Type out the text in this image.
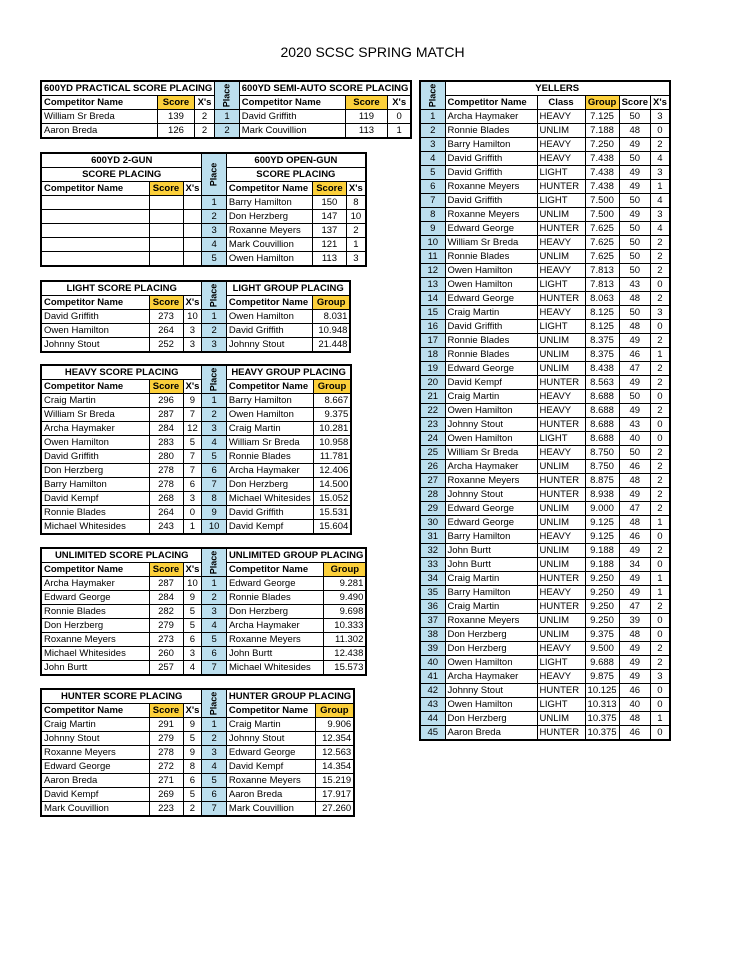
2020 SCSC SPRING MATCH
600YD PRACTICAL SCORE PLACING			Place	600YD SEMI-AUTO SCORE PLACING		
Competitor Name	Score	X's		Competitor Name	Score	X's
William Sr Breda	139	2	1	David Griffith	119	0
Aaron Breda	126	2	2	Mark Couvillion	113	1
600YD 2-GUN			Place	600YD OPEN-GUN		
SCORE PLACING				SCORE PLACING		
Competitor Name	Score	X's		Competitor Name	Score	X's
			1	Barry Hamilton	150	8
			2	Don Herzberg	147	10
			3	Roxanne Meyers	137	2
			4	Mark Couvillion	121	1
			5	Owen Hamilton	113	3
LIGHT SCORE PLACING			Place	LIGHT GROUP PLACING	
Competitor Name	Score	X's		Competitor Name	Group
David Griffith	273	10	1	Owen Hamilton	8.031
Owen Hamilton	264	3	2	David Griffith	10.948
Johnny Stout	252	3	3	Johnny Stout	21.448
HEAVY SCORE PLACING			Place	HEAVY GROUP PLACING	
Competitor Name	Score	X's		Competitor Name	Group
Craig Martin	296	9	1	Barry Hamilton	8.667
William Sr Breda	287	7	2	Owen Hamilton	9.375
Archa Haymaker	284	12	3	Craig Martin	10.281
Owen Hamilton	283	5	4	William Sr Breda	10.958
David Griffith	280	7	5	Ronnie Blades	11.781
Don Herzberg	278	7	6	Archa Haymaker	12.406
Barry Hamilton	278	6	7	Don Herzberg	14.500
David Kempf	268	3	8	Michael Whitesides	15.052
Ronnie Blades	264	0	9	David Griffith	15.531
Michael Whitesides	243	1	10	David Kempf	15.604
UNLIMITED SCORE PLACING			Place	UNLIMITED GROUP PLACING	
Competitor Name	Score	X's		Competitor Name	Group
Archa Haymaker	287	10	1	Edward George	9.281
Edward George	284	9	2	Ronnie Blades	9.490
Ronnie Blades	282	5	3	Don Herzberg	9.698
Don Herzberg	279	5	4	Archa Haymaker	10.333
Roxanne Meyers	273	6	5	Roxanne Meyers	11.302
Michael Whitesides	260	3	6	John Burtt	12.438
John Burtt	257	4	7	Michael Whitesides	15.573
HUNTER SCORE PLACING			Place	HUNTER GROUP PLACING	
Competitor Name	Score	X's		Competitor Name	Group
Craig Martin	291	9	1	Craig Martin	9.906
Johnny Stout	279	5	2	Johnny Stout	12.354
Roxanne Meyers	278	9	3	Edward George	12.563
Edward George	272	8	4	David Kempf	14.354
Aaron Breda	271	6	5	Roxanne Meyers	15.219
David Kempf	269	5	6	Aaron Breda	17.917
Mark Couvillion	223	2	7	Mark Couvillion	27.260
Place	YELLERS				
	Competitor Name	Class	Group	Score	X's
1	Archa Haymaker	HEAVY	7.125	50	3
2	Ronnie Blades	UNLIM	7.188	48	0
3	Barry Hamilton	HEAVY	7.250	49	2
4	David Griffith	HEAVY	7.438	50	4
5	David Griffith	LIGHT	7.438	49	3
6	Roxanne Meyers	HUNTER	7.438	49	1
7	David Griffith	LIGHT	7.500	50	4
8	Roxanne Meyers	UNLIM	7.500	49	3
9	Edward George	HUNTER	7.625	50	4
10	William Sr Breda	HEAVY	7.625	50	2
11	Ronnie Blades	UNLIM	7.625	50	2
12	Owen Hamilton	HEAVY	7.813	50	2
13	Owen Hamilton	LIGHT	7.813	43	0
14	Edward George	HUNTER	8.063	48	2
15	Craig Martin	HEAVY	8.125	50	3
16	David Griffith	LIGHT	8.125	48	0
17	Ronnie Blades	UNLIM	8.375	49	2
18	Ronnie Blades	UNLIM	8.375	46	1
19	Edward George	UNLIM	8.438	47	2
20	David Kempf	HUNTER	8.563	49	2
21	Craig Martin	HEAVY	8.688	50	0
22	Owen Hamilton	HEAVY	8.688	49	2
23	Johnny Stout	HUNTER	8.688	43	0
24	Owen Hamilton	LIGHT	8.688	40	0
25	William Sr Breda	HEAVY	8.750	50	2
26	Archa Haymaker	UNLIM	8.750	46	2
27	Roxanne Meyers	HUNTER	8.875	48	2
28	Johnny Stout	HUNTER	8.938	49	2
29	Edward George	UNLIM	9.000	47	2
30	Edward George	UNLIM	9.125	48	1
31	Barry Hamilton	HEAVY	9.125	46	0
32	John Burtt	UNLIM	9.188	49	2
33	John Burtt	UNLIM	9.188	34	0
34	Craig Martin	HUNTER	9.250	49	1
35	Barry Hamilton	HEAVY	9.250	49	1
36	Craig Martin	HUNTER	9.250	47	2
37	Roxanne Meyers	UNLIM	9.250	39	0
38	Don Herzberg	UNLIM	9.375	48	0
39	Don Herzberg	HEAVY	9.500	49	2
40	Owen Hamilton	LIGHT	9.688	49	2
41	Archa Haymaker	HEAVY	9.875	49	3
42	Johnny Stout	HUNTER	10.125	46	0
43	Owen Hamilton	LIGHT	10.313	40	0
44	Don Herzberg	UNLIM	10.375	48	1
45	Aaron Breda	HUNTER	10.375	46	0
